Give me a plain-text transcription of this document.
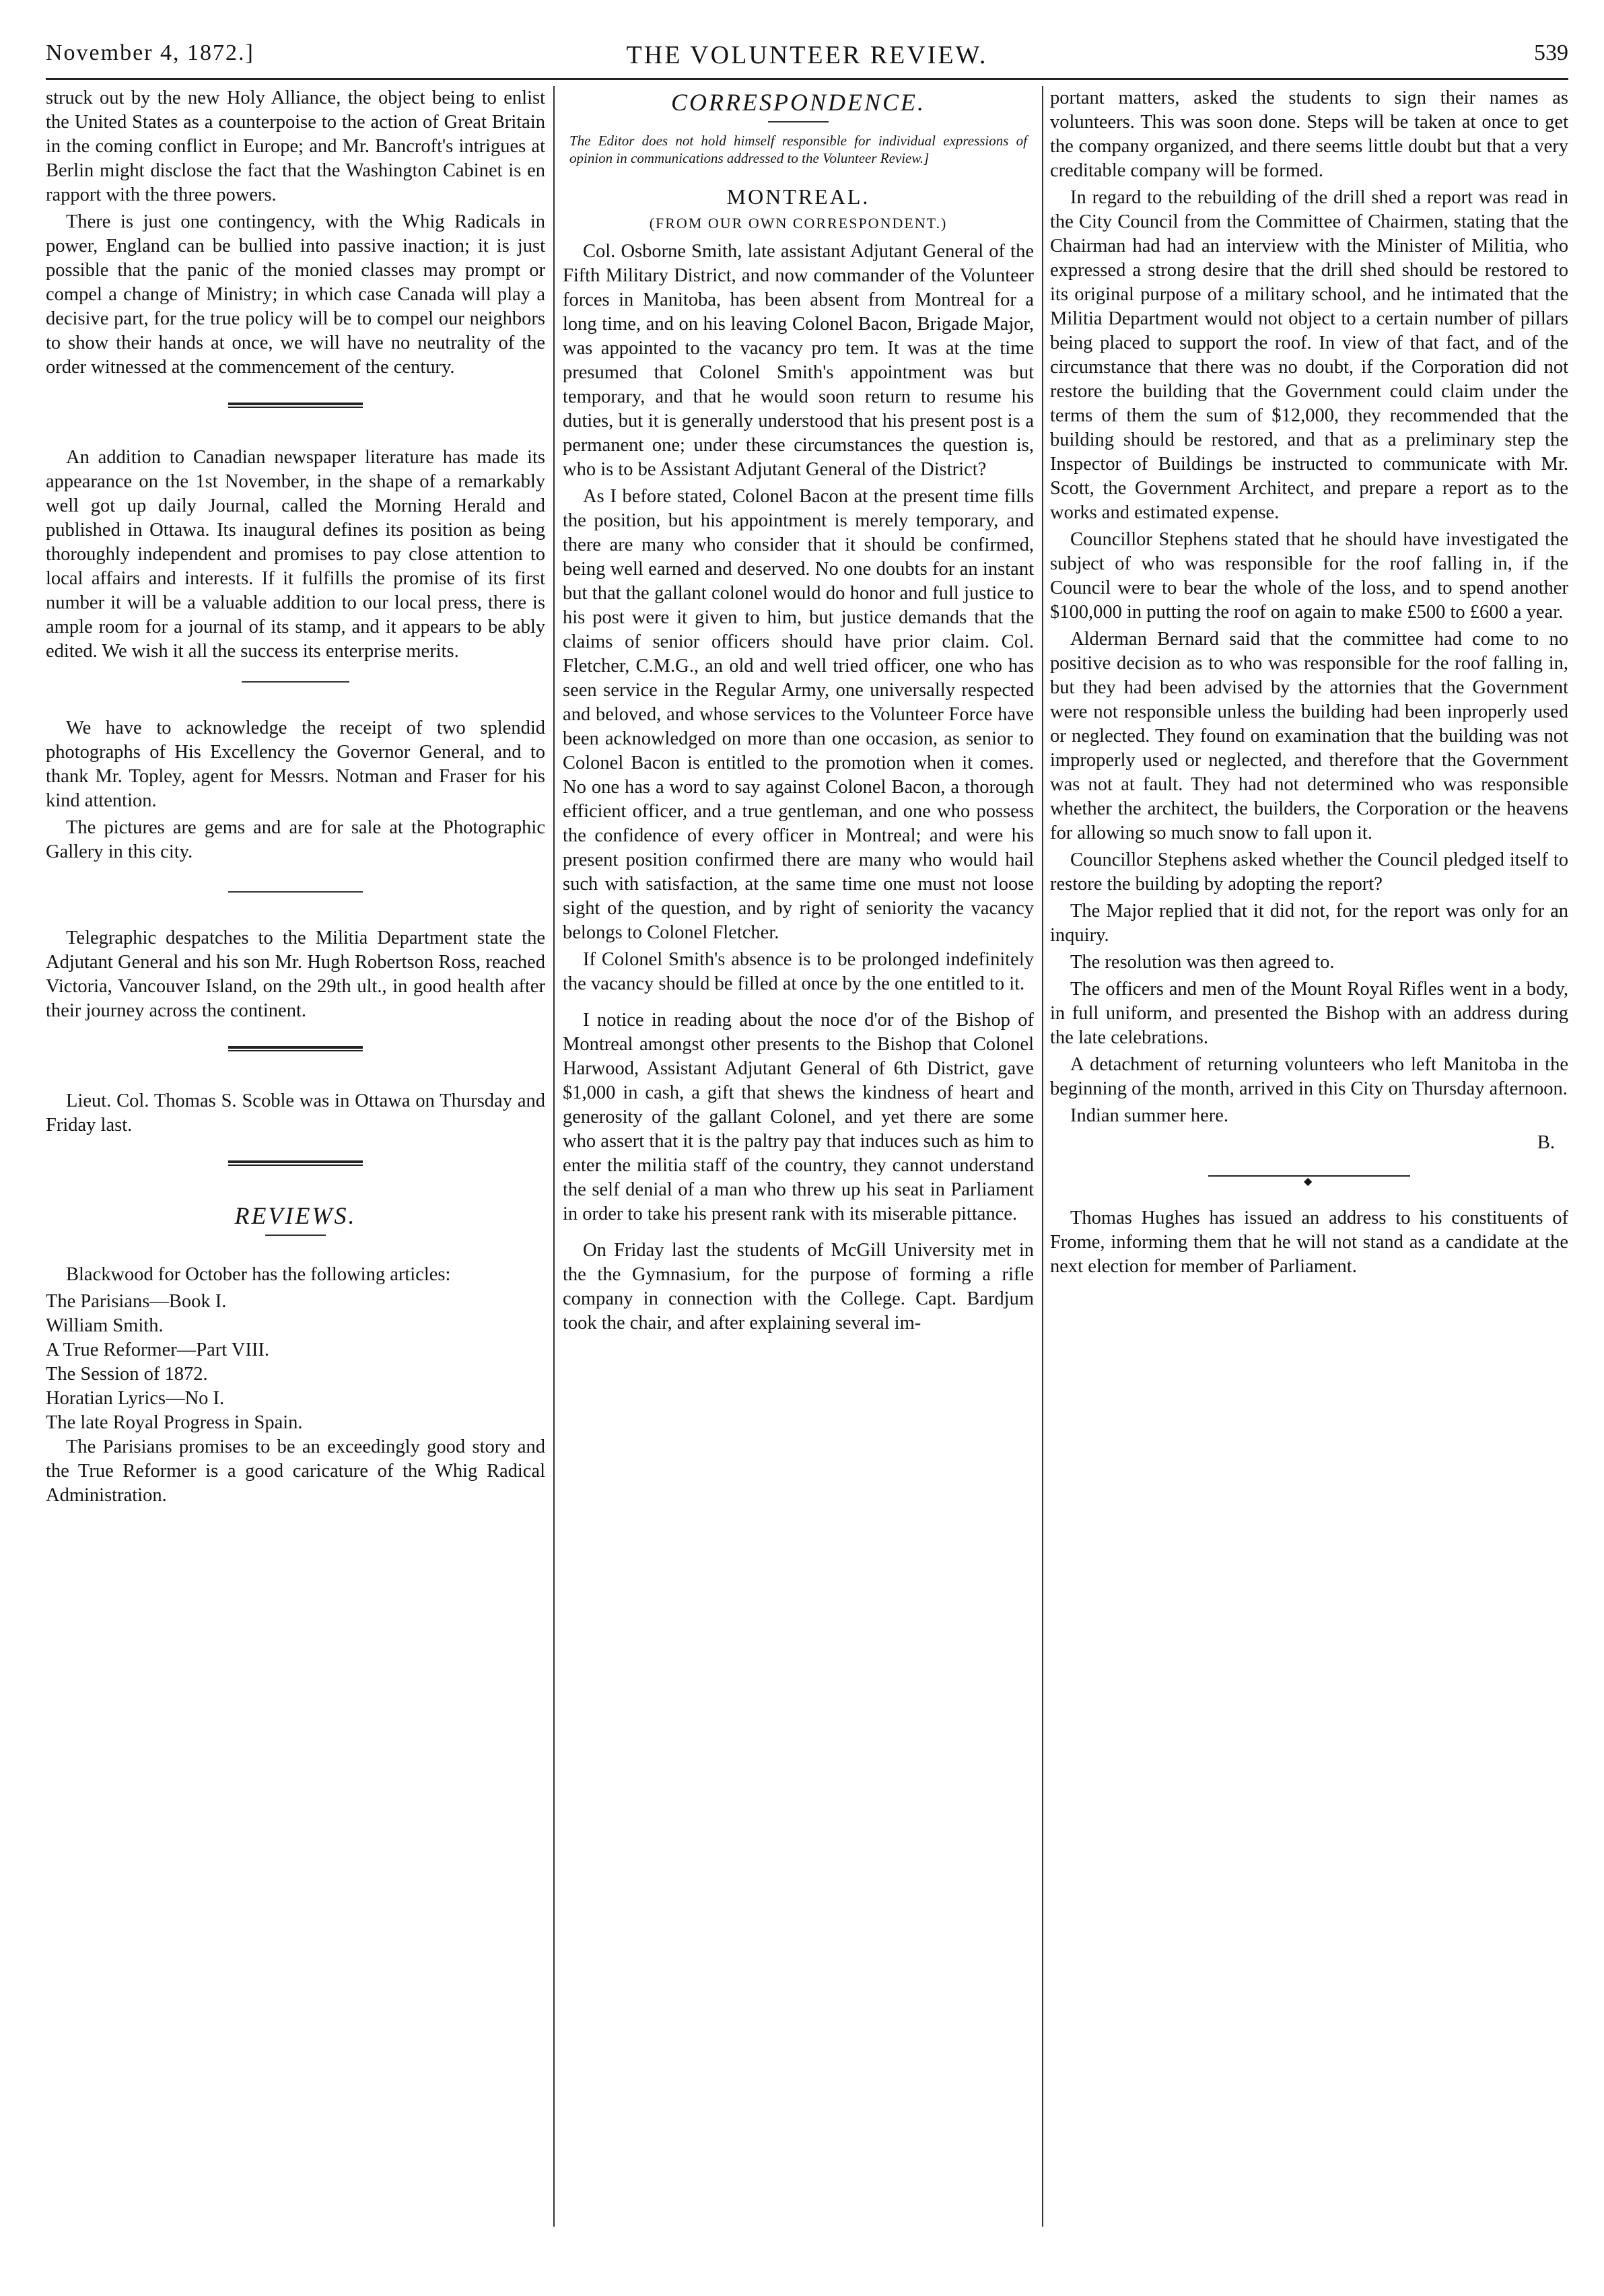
November 4, 1872.]	THE VOLUNTEER REVIEW.	539

struck out by the new Holy Alliance, the object being to enlist the United States as a counterpoise to the action of Great Britain in the coming conflict in Europe; and Mr. Bancroft's intrigues at Berlin might disclose the fact that the Washington Cabinet is en rapport with the three powers.

There is just one contingency, with the Whig Radicals in power, England can be bullied into passive inaction; it is just possible that the panic of the monied classes may prompt or compel a change of Ministry; in which case Canada will play a decisive part, for the true policy will be to compel our neighbors to show their hands at once, we will have no neutrality of the order witnessed at the commencement of the century.

An addition to Canadian newspaper literature has made its appearance on the 1st November, in the shape of a remarkably well got up daily Journal, called the Morning Herald and published in Ottawa. Its inaugural defines its position as being thoroughly independent and promises to pay close attention to local affairs and interests. If it fulfills the promise of its first number it will be a valuable addition to our local press, there is ample room for a journal of its stamp, and it appears to be ably edited. We wish it all the success its enterprise merits.

We have to acknowledge the receipt of two splendid photographs of His Excellency the Governor General, and to thank Mr. Topley, agent for Messrs. Notman and Fraser for his kind attention.

The pictures are gems and are for sale at the Photographic Gallery in this city.

Telegraphic despatches to the Militia Department state the Adjutant General and his son Mr. Hugh Robertson Ross, reached Victoria, Vancouver Island, on the 29th ult., in good health after their journey across the continent.

Lieut. Col. Thomas S. Scoble was in Ottawa on Thursday and Friday last.

REVIEWS.

Blackwood for October has the following articles:

The Parisians—Book I.

William Smith.

A True Reformer—Part VIII.

The Session of 1872.

Horatian Lyrics—No I.

The late Royal Progress in Spain.

The Parisians promises to be an exceedingly good story and the True Reformer is a good caricature of the Whig Radical Administration.

CORRESPONDENCE.

The Editor does not hold himself responsible for individual expressions of opinion in communications addressed to the Volunteer Review.]

MONTREAL.
(FROM OUR OWN CORRESPONDENT.)

Col. Osborne Smith, late assistant Adjutant General of the Fifth Military District, and now commander of the Volunteer forces in Manitoba, has been absent from Montreal for a long time, and on his leaving Colonel Bacon, Brigade Major, was appointed to the vacancy pro tem. It was at the time presumed that Colonel Smith's appointment was but temporary, and that he would soon return to resume his duties, but it is generally understood that his present post is a permanent one; under these circumstances the question is, who is to be Assistant Adjutant General of the District?

As I before stated, Colonel Bacon at the present time fills the position, but his appointment is merely temporary, and there are many who consider that it should be confirmed, being well earned and deserved. No one doubts for an instant but that the gallant colonel would do honor and full justice to his post were it given to him, but justice demands that the claims of senior officers should have prior claim. Col. Fletcher, C.M.G., an old and well tried officer, one who has seen service in the Regular Army, one universally respected and beloved, and whose services to the Volunteer Force have been acknowledged on more than one occasion, as senior to Colonel Bacon is entitled to the promotion when it comes. No one has a word to say against Colonel Bacon, a thorough efficient officer, and a true gentleman, and one who possess the confidence of every officer in Montreal; and were his present position confirmed there are many who would hail such with satisfaction, at the same time one must not loose sight of the question, and by right of seniority the vacancy belongs to Colonel Fletcher.

If Colonel Smith's absence is to be prolonged indefinitely the vacancy should be filled at once by the one entitled to it.

I notice in reading about the noce d'or of the Bishop of Montreal amongst other presents to the Bishop that Colonel Harwood, Assistant Adjutant General of 6th District, gave $1,000 in cash, a gift that shews the kindness of heart and generosity of the gallant Colonel, and yet there are some who assert that it is the paltry pay that induces such as him to enter the militia staff of the country, they cannot understand the self denial of a man who threw up his seat in Parliament in order to take his present rank with its miserable pittance.

On Friday last the students of McGill University met in the the Gymnasium, for the purpose of forming a rifle company in connection with the College. Capt. Bardjum took the chair, and after explaining several im-

portant matters, asked the students to sign their names as volunteers. This was soon done. Steps will be taken at once to get the company organized, and there seems little doubt but that a very creditable company will be formed.

In regard to the rebuilding of the drill shed a report was read in the City Council from the Committee of Chairmen, stating that the Chairman had had an interview with the Minister of Militia, who expressed a strong desire that the drill shed should be restored to its original purpose of a military school, and he intimated that the Militia Department would not object to a certain number of pillars being placed to support the roof. In view of that fact, and of the circumstance that there was no doubt, if the Corporation did not restore the building that the Government could claim under the terms of them the sum of $12,000, they recommended that the building should be restored, and that as a preliminary step the Inspector of Buildings be instructed to communicate with Mr. Scott, the Government Architect, and prepare a report as to the works and estimated expense.

Councillor Stephens stated that he should have investigated the subject of who was responsible for the roof falling in, if the Council were to bear the whole of the loss, and to spend another $100,000 in putting the roof on again to make £500 to £600 a year.

Alderman Bernard said that the committee had come to no positive decision as to who was responsible for the roof falling in, but they had been advised by the attornies that the Government were not responsible unless the building had been inproperly used or neglected. They found on examination that the building was not improperly used or neglected, and therefore that the Government was not at fault. They had not determined who was responsible whether the architect, the builders, the Corporation or the heavens for allowing so much snow to fall upon it.

Councillor Stephens asked whether the Council pledged itself to restore the building by adopting the report?

The Major replied that it did not, for the report was only for an inquiry.

The resolution was then agreed to.

The officers and men of the Mount Royal Rifles went in a body, in full uniform, and presented the Bishop with an address during the late celebrations.

A detachment of returning volunteers who left Manitoba in the beginning of the month, arrived in this City on Thursday afternoon.

Indian summer here.

B.

◆

Thomas Hughes has issued an address to his constituents of Frome, informing them that he will not stand as a candidate at the next election for member of Parliament.
